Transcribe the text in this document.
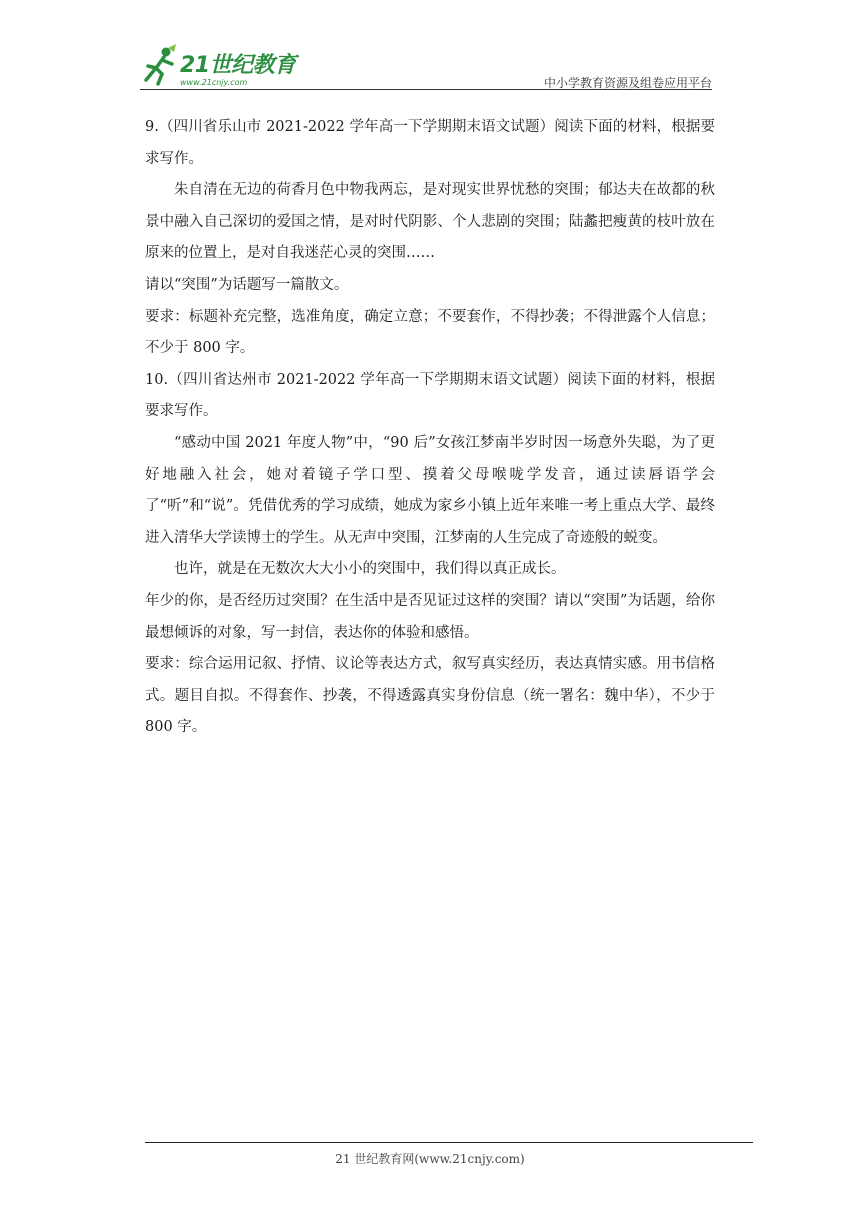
21世纪教育
www.21cnjy.com	中小学教育资源及组卷应用平台

9.（四川省乐山市 2021-2022 学年高一下学期期末语文试题）阅读下面的材料，根据要求写作。

朱自清在无边的荷香月色中物我两忘，是对现实世界忧愁的突围；郁达夫在故都的秋景中融入自己深切的爱国之情，是对时代阴影、个人悲剧的突围；陆蠡把瘦黄的枝叶放在原来的位置上，是对自我迷茫心灵的突围……

请以“突围”为话题写一篇散文。

要求：标题补充完整，选准角度，确定立意；不要套作，不得抄袭；不得泄露个人信息；不少于 800 字。

10.（四川省达州市 2021-2022 学年高一下学期期末语文试题）阅读下面的材料，根据要求写作。

“感动中国 2021 年度人物”中，“90 后”女孩江梦南半岁时因一场意外失聪，为了更好地融入社会，她对着镜子学口型、摸着父母喉咙学发音，通过读唇语学会了“听”和“说”。凭借优秀的学习成绩，她成为家乡小镇上近年来唯一考上重点大学、最终进入清华大学读博士的学生。从无声中突围，江梦南的人生完成了奇迹般的蜕变。

也许，就是在无数次大大小小的突围中，我们得以真正成长。

年少的你，是否经历过突围？在生活中是否见证过这样的突围？请以“突围”为话题，给你最想倾诉的对象，写一封信，表达你的体验和感悟。

要求：综合运用记叙、抒情、议论等表达方式，叙写真实经历，表达真情实感。用书信格式。题目自拟。不得套作、抄袭，不得透露真实身份信息（统一署名：魏中华），不少于 800 字。

21 世纪教育网(www.21cnjy.com)
